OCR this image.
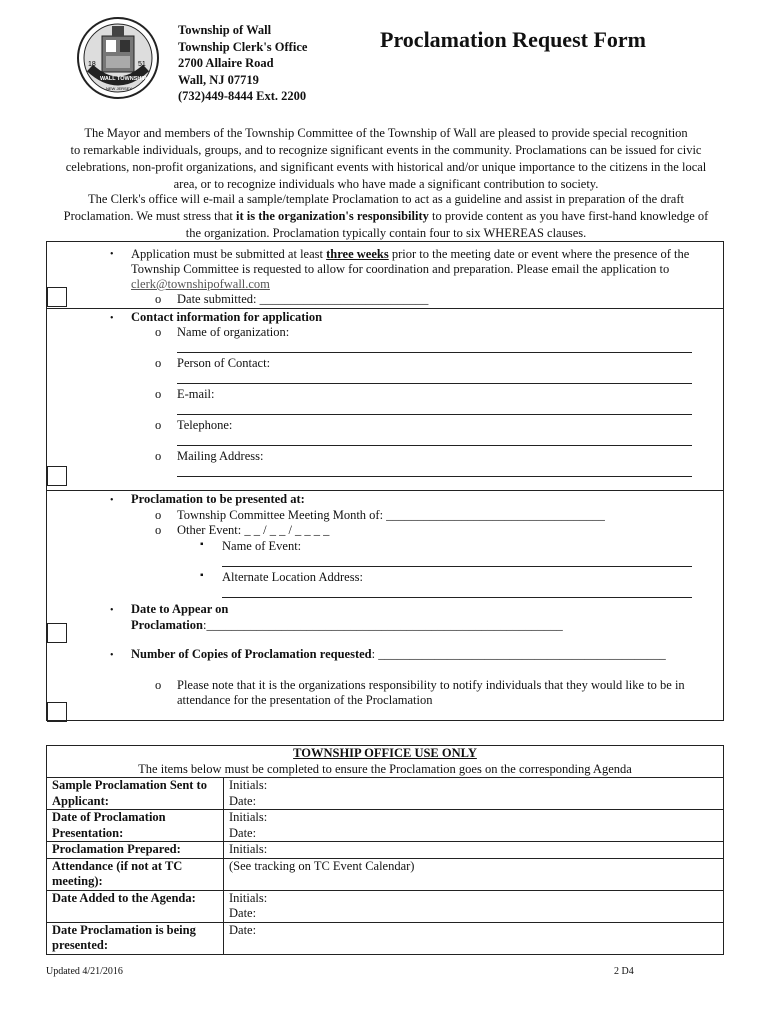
18	51
WALL TOWNSHIP
NEW JERSEY
Township of Wall
Township Clerk's Office
2700 Allaire Road
Wall, NJ 07719
(732)449-8444 Ext. 2200
Proclamation Request Form

The Mayor and members of the Township Committee of the Township of Wall are pleased to provide special recognition

to remarkable individuals, groups, and to recognize significant events in the community. Proclamations can be issued for civic

celebrations, non-profit organizations, and significant events with historical and/or unique importance to the citizens in the local

area, or to recognize individuals who have made a significant contribution to society.

The Clerk's office will e-mail a sample/template Proclamation to act as a guideline and assist in preparation of the draft

Proclamation. We must stress that it is the organization's responsibility to provide content as you have first-hand knowledge of

the organization. Proclamation typically contain four to six WHEREAS clauses.

• Application must be submitted at least three weeks prior to the meeting date or event where the presence of the
Township Committee is requested to allow for coordination and preparation. Please email the application to
clerk@townshipofwall.com
o Date submitted: ___________________________
• Contact information for application
o Name of organization:
o Person of Contact:
o E-mail:
o Telephone:
o Mailing Address:
• Proclamation to be presented at:
o Township Committee Meeting Month of: ___________________________________
o Other Event: _ _ / _ _ / _ _ _ _
▪ Name of Event:
▪ Alternate Location Address:
• Date to Appear on
Proclamation:_________________________________________________________
• Number of Copies of Proclamation requested: ______________________________________________
o Please note that it is the organizations responsibility to notify individuals that they would like to be in
attendance for the presentation of the Proclamation
TOWNSHIP OFFICE USE ONLY
The items below must be completed to ensure the Proclamation goes on the corresponding Agenda	

Sample Proclamation Sent to Applicant:	Initials:
Date:
Date of Proclamation Presentation:	Initials:
Date:
Proclamation Prepared:	Initials:
Attendance (if not at TC meeting):	(See tracking on TC Event Calendar)
Date Added to the Agenda:	Initials:
Date:
Date Proclamation is being presented:	Date:
Updated 4/21/2016	2 D4
